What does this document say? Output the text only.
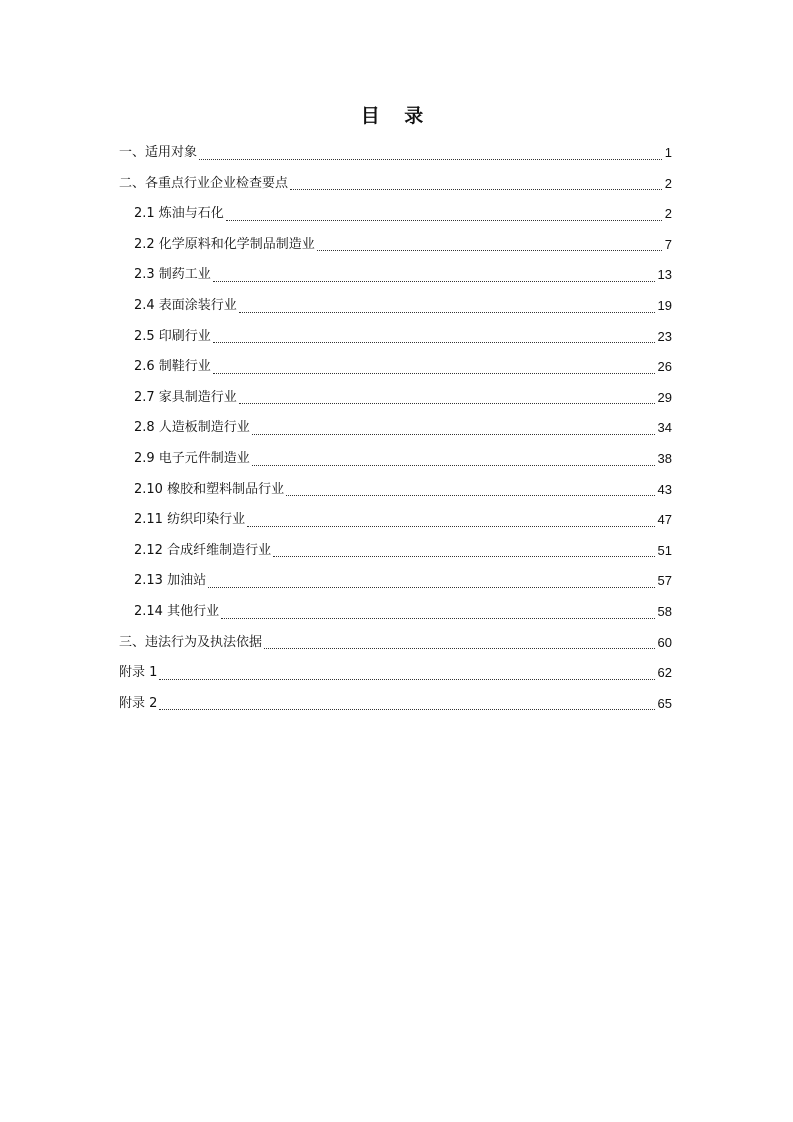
目 录
一、适用对象	1
二、各重点行业企业检查要点	2
2.1 炼油与石化	2
2.2 化学原料和化学制品制造业	7
2.3 制药工业	13
2.4 表面涂装行业	19
2.5 印刷行业	23
2.6 制鞋行业	26
2.7 家具制造行业	29
2.8 人造板制造行业	34
2.9 电子元件制造业	38
2.10 橡胶和塑料制品行业	43
2.11 纺织印染行业	47
2.12 合成纤维制造行业	51
2.13 加油站	57
2.14 其他行业	58
三、违法行为及执法依据	60
附录 1	62
附录 2	65
